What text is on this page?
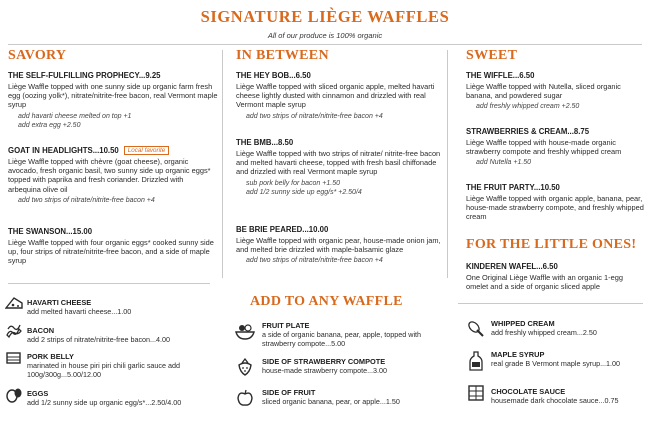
SIGNATURE LIÈGE WAFFLES
All of our produce is 100% organic
SAVORY
THE SELF-FULFILLING PROPHECY...9.25
Liège Waffle topped with one sunny side up organic farm fresh egg (oozing yolk*), nitrate/nitrite-free bacon, real Vermont maple syrup
add havarti cheese melted on top +1
add extra egg +2.50
GOAT IN HEADLIGHTS...10.50 Local favorite
Liège Waffle topped with chèvre (goat cheese), organic avocado, fresh organic basil, two sunny side up organic eggs* topped with paprika and fresh coriander. Drizzled with arbequina olive oil
add two strips of nitrate/nitrite-free bacon +4
THE SWANSON...15.00
Liège Waffle topped with four organic eggs* cooked sunny side up, four strips of nitrate/nitrite-free bacon, and a side of maple syrup
IN BETWEEN
THE HEY BOB...6.50
Liège Waffle topped with sliced organic apple, melted havarti cheese lightly dusted with cinnamon and drizzled with real Vermont maple syrup
add two strips of nitrate/nitrite-free bacon +4
THE BMB...8.50
Liège Waffle topped with two strips of nitrate/ nitrite-free bacon and melted havarti cheese, topped with fresh basil chiffonade and drizzled with real Vermont maple syrup
sub pork belly for bacon +1.50
add 1/2 sunny side up egg/s* +2.50/4
BE BRIE PEARED...10.00
Liège Waffle topped with organic pear, house-made onion jam, and melted brie drizzled with maple-balsamic glaze
add two strips of nitrate/nitrite-free bacon +4
SWEET
THE WIFFLE...6.50
Liège Waffle topped with Nutella, sliced organic banana, and powdered sugar
add freshly whipped cream +2.50
STRAWBERRIES & CREAM...8.75
Liège Waffle topped with house-made organic strawberry compote and freshly whipped cream
add Nutella +1.50
THE FRUIT PARTY...10.50
Liège Waffle topped with organic apple, banana, pear, house-made strawberry compote, and freshly whipped cream
FOR THE LITTLE ONES!
KINDEREN WAFEL...6.50
One Original Liège Waffle with an organic 1-egg omelet and a side of organic sliced apple
ADD TO ANY WAFFLE
HAVARTI CHEESE
add melted havarti cheese...1.00
BACON
add 2 strips of nitrate/nitrite-free bacon...4.00
PORK BELLY
marinated in house piri piri chili garlic sauce add 100g/300g...5.00/12.00
EGGS
add 1/2 sunny side up organic egg/s*...2.50/4.00
FRUIT PLATE
a side of organic banana, pear, apple, topped with strawberry compote...5.00
SIDE OF STRAWBERRY COMPOTE
house-made strawberry compote...3.00
SIDE OF FRUIT
sliced organic banana, pear, or apple...1.50
WHIPPED CREAM
add freshly whipped cream...2.50
MAPLE SYRUP
real grade B Vermont maple syrup...1.00
CHOCOLATE SAUCE
housemade dark chocolate sauce...0.75
